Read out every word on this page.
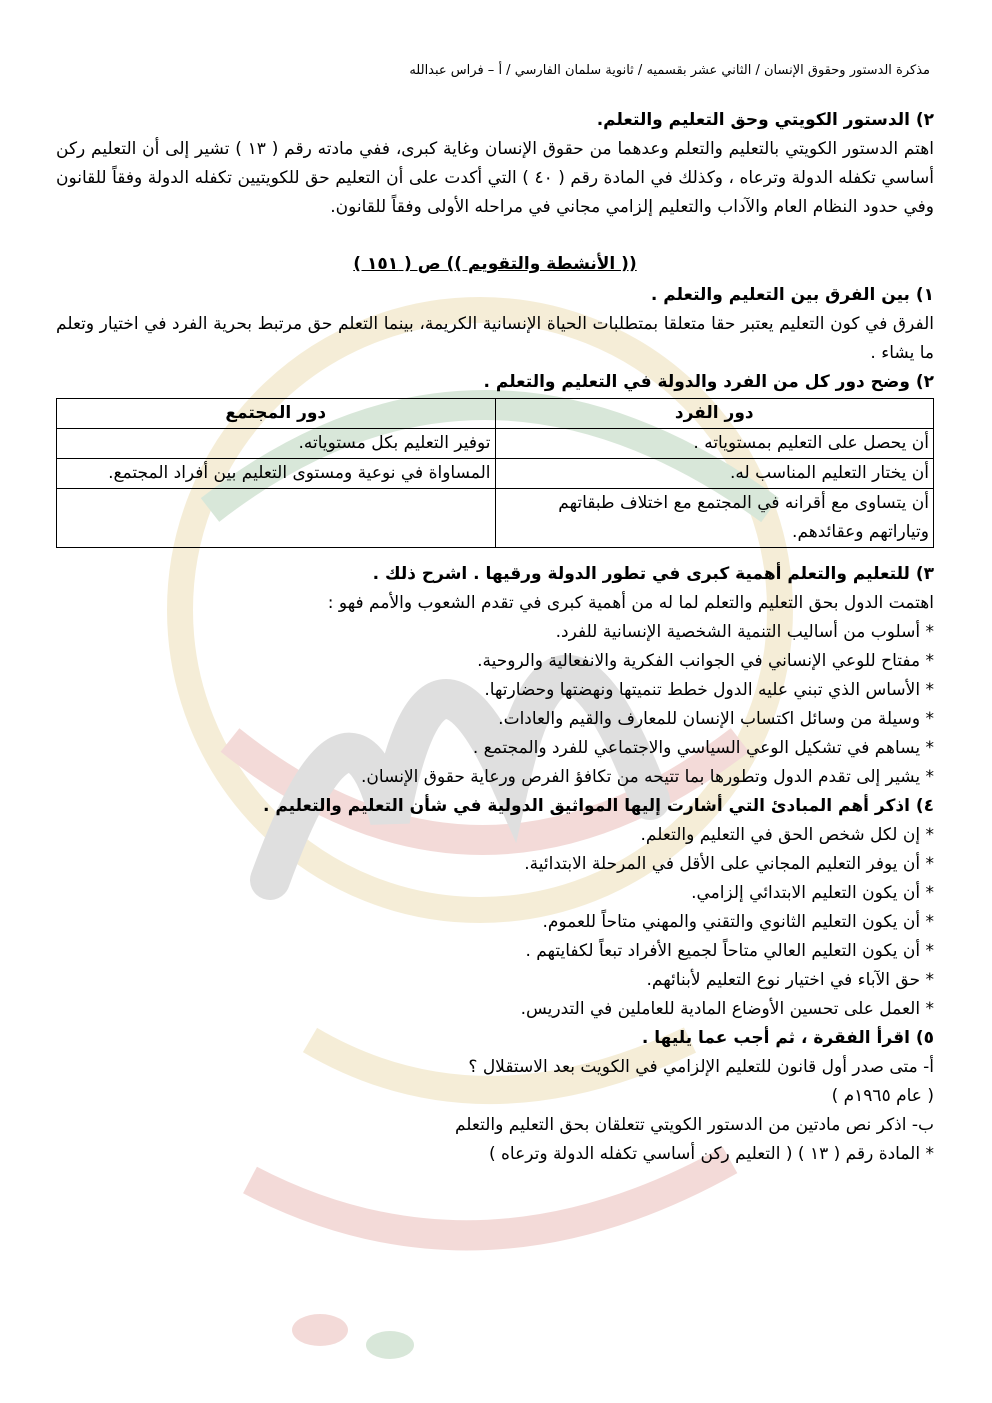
مذكرة الدستور وحقوق الإنسان / الثاني عشر بقسميه / ثانوية سلمان الفارسي / أ – فراس عبدالله

٢) الدستور الكويتي وحق التعليم والتعلم.

اهتم الدستور الكويتي بالتعليم والتعلم وعدهما من حقوق الإنسان وغاية كبرى، ففي مادته رقم ( ١٣ ) تشير إلى أن التعليم ركن أساسي تكفله الدولة وترعاه ، وكذلك في المادة رقم ( ٤٠ ) التي أكدت على أن التعليم حق للكويتيين تكفله الدولة وفقاً للقانون وفي حدود النظام العام والآداب والتعليم إلزامي مجاني في مراحله الأولى وفقاً للقانون.

(( الأنشطة والتقويم )) ص ( ١٥١ )

١) بين الفرق بين التعليم والتعلم .

الفرق في كون التعليم يعتبر حقا متعلقا بمتطلبات الحياة الإنسانية الكريمة، بينما التعلم حق مرتبط بحرية الفرد في اختيار وتعلم ما يشاء .

٢) وضح دور كل من الفرد والدولة في التعليم والتعلم .

دور الفرد	دور المجتمع
أن يحصل على التعليم بمستوياته .	توفير التعليم بكل مستوياته.
أن يختار التعليم المناسب له.	المساواة في نوعية ومستوى التعليم بين أفراد المجتمع.
أن يتساوى مع أقرانه في المجتمع مع اختلاف طبقاتهم وتياراتهم وعقائدهم.	

٣) للتعليم والتعلم أهمية كبرى في تطور الدولة ورقيها . اشرح ذلك .

اهتمت الدول بحق التعليم والتعلم لما له من أهمية كبرى في تقدم الشعوب والأمم فهو :

* أسلوب من أساليب التنمية الشخصية الإنسانية للفرد.

* مفتاح للوعي الإنساني في الجوانب الفكرية والانفعالية والروحية.

* الأساس الذي تبني عليه الدول خطط تنميتها ونهضتها وحضارتها.

* وسيلة من وسائل اكتساب الإنسان للمعارف والقيم والعادات.

* يساهم في تشكيل الوعي السياسي والاجتماعي للفرد والمجتمع .

* يشير إلى تقدم الدول وتطورها بما تتيحه من تكافؤ الفرص ورعاية حقوق الإنسان.

٤) اذكر أهم المبادئ التي أشارت إليها المواثيق الدولية في شأن التعليم والتعليم .

* إن لكل شخص الحق في التعليم والتعلم.

* أن يوفر التعليم المجاني على الأقل في المرحلة الابتدائية.

* أن يكون التعليم الابتدائي إلزامي.

* أن يكون التعليم الثانوي والتقني والمهني متاحاً للعموم.

* أن يكون التعليم العالي متاحاً لجميع الأفراد تبعاً لكفايتهم .

* حق الآباء في اختيار نوع التعليم لأبنائهم.

* العمل على تحسين الأوضاع المادية للعاملين في التدريس.

٥) اقرأ الفقرة ، ثم أجب عما يليها .

أ- متى صدر أول قانون للتعليم الإلزامي في الكويت بعد الاستقلال ؟

( عام ١٩٦٥م )

ب- اذكر نص مادتين من الدستور الكويتي تتعلقان بحق التعليم والتعلم

* المادة رقم ( ١٣ ) ( التعليم ركن أساسي تكفله الدولة وترعاه )
